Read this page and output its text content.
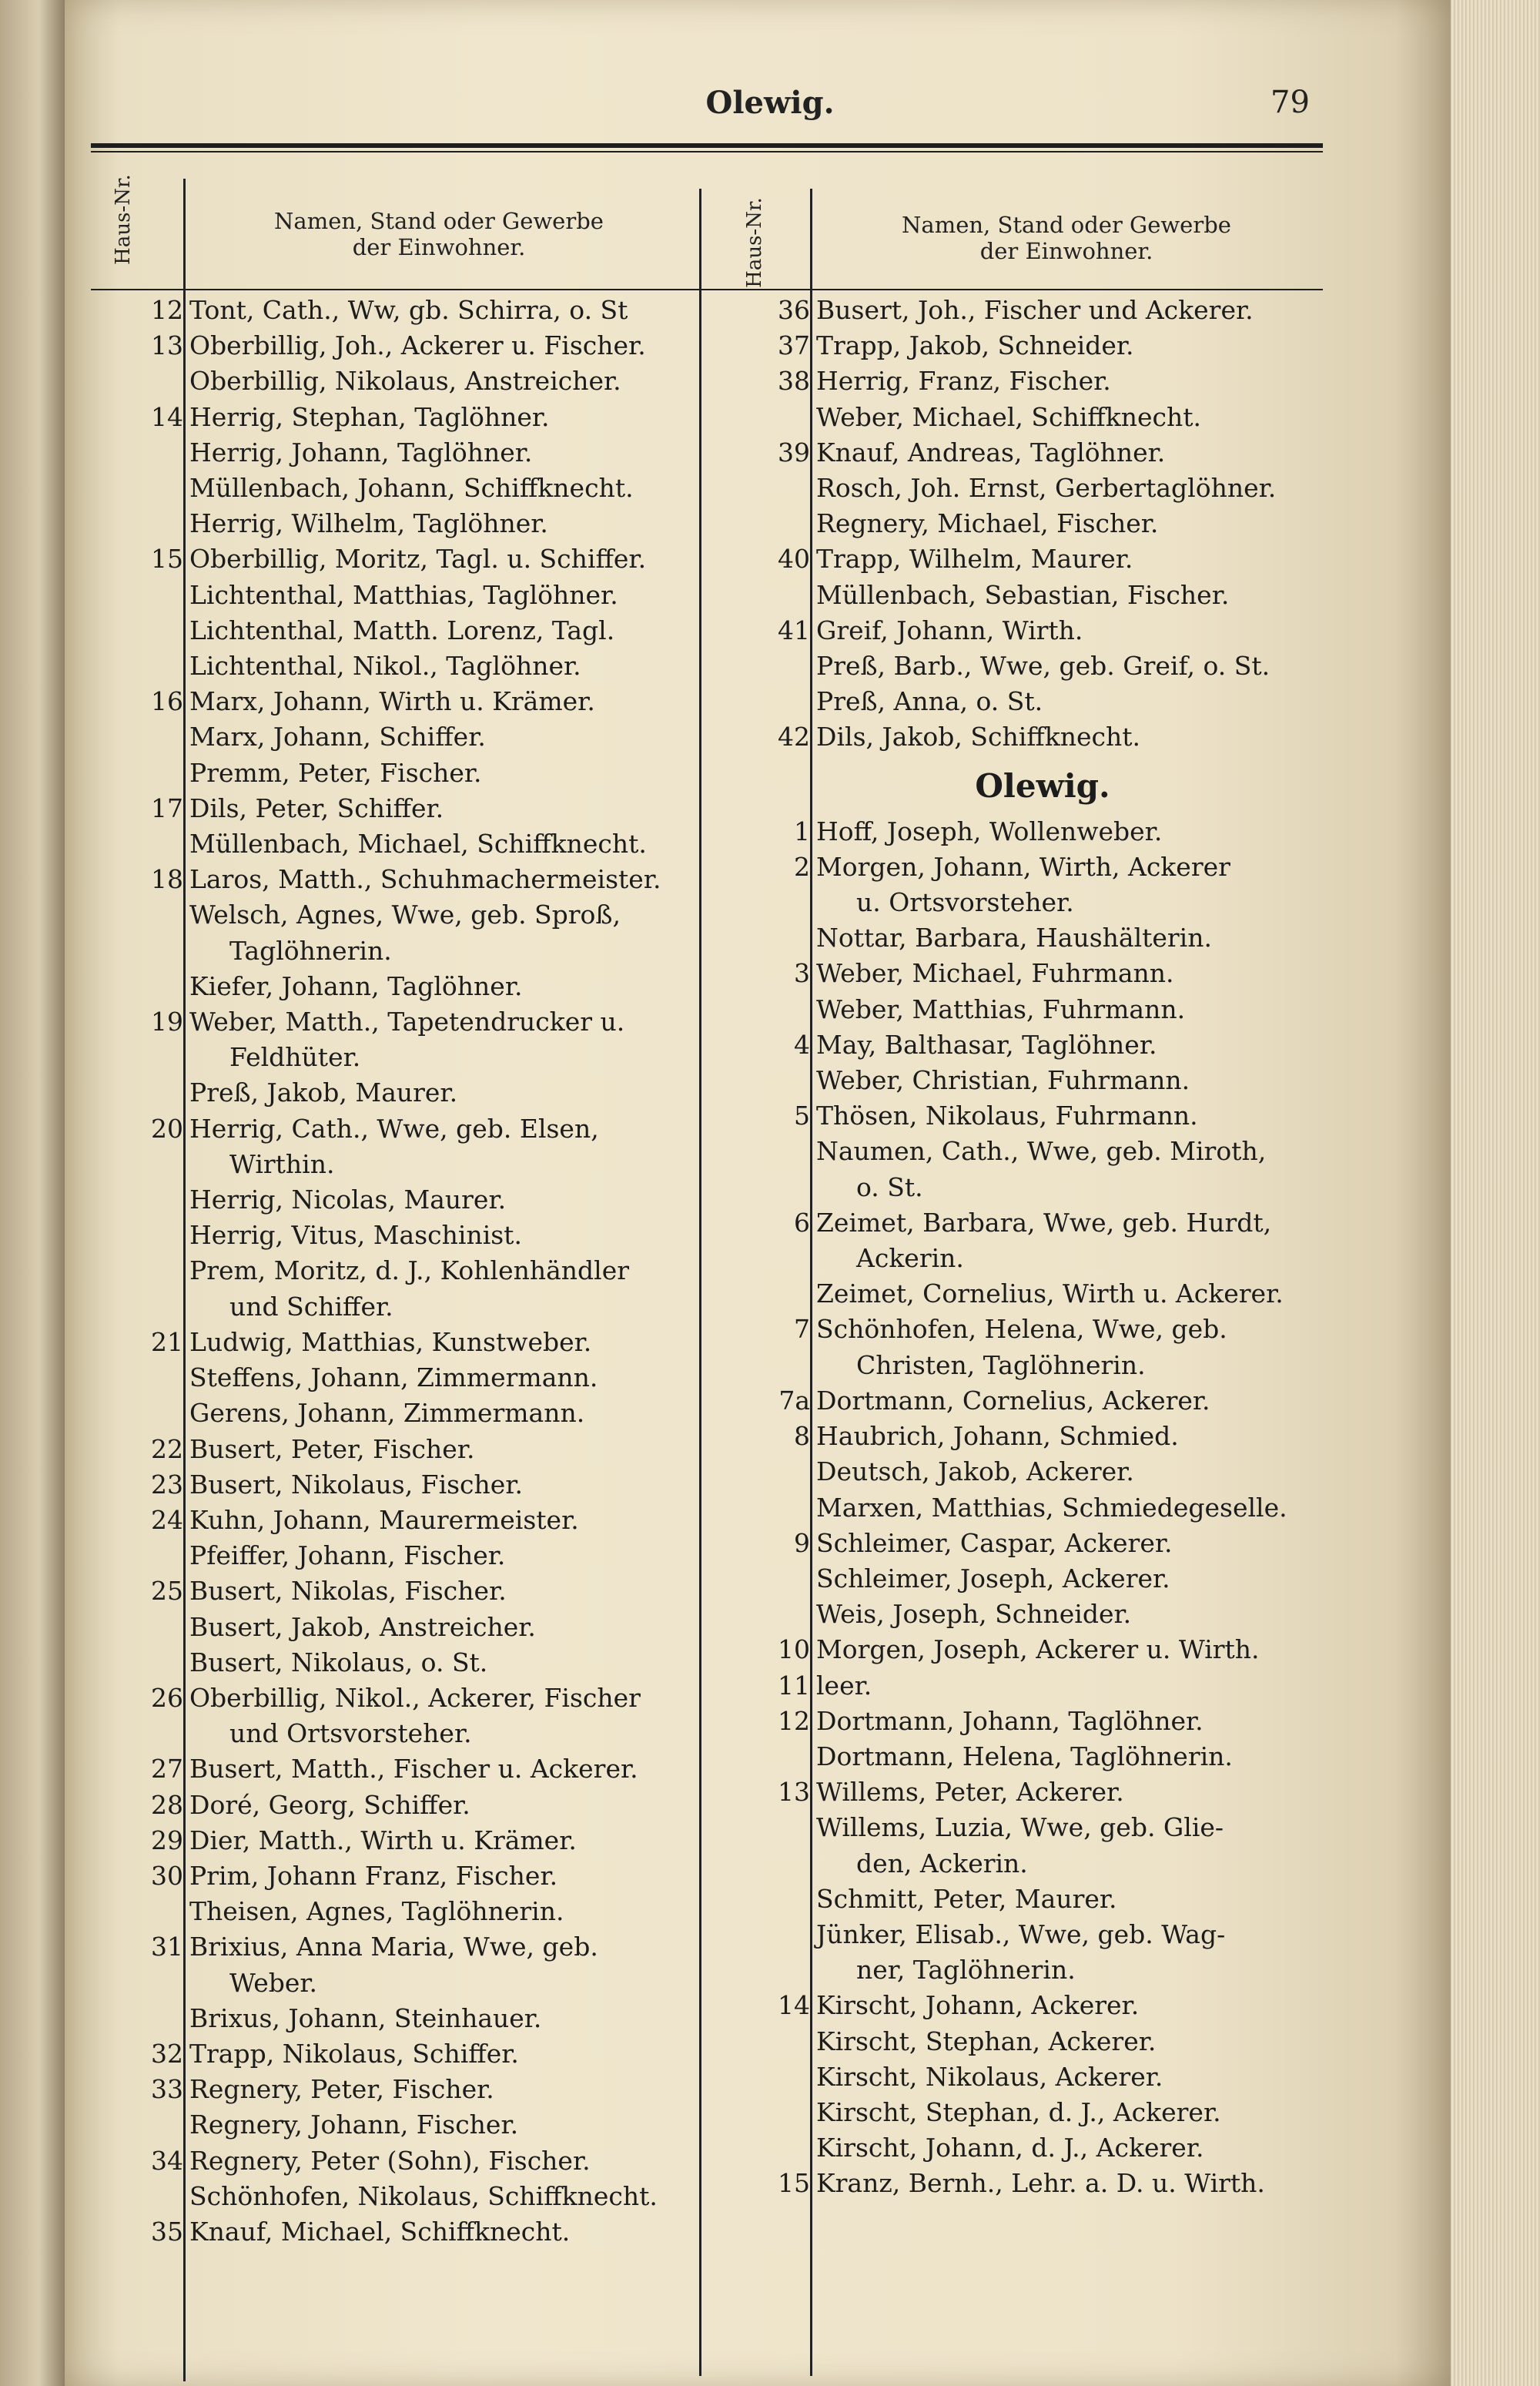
Olewig.	79
Haus-Nr.	Namen, Stand oder Gewerbe
der Einwohner.	Haus-Nr.	Namen, Stand oder Gewerbe
der Einwohner.
12 Tont, Cath., Ww, gb. Schirra, o. St
13 Oberbillig, Joh., Ackerer u. Fischer.
Oberbillig, Nikolaus, Anstreicher.
14 Herrig, Stephan, Taglöhner.
Herrig, Johann, Taglöhner.
Müllenbach, Johann, Schiffknecht.
Herrig, Wilhelm, Taglöhner.
15 Oberbillig, Moritz, Tagl. u. Schiffer.
Lichtenthal, Matthias, Taglöhner.
Lichtenthal, Matth. Lorenz, Tagl.
Lichtenthal, Nikol., Taglöhner.
16 Marx, Johann, Wirth u. Krämer.
Marx, Johann, Schiffer.
Premm, Peter, Fischer.
17 Dils, Peter, Schiffer.
Müllenbach, Michael, Schiffknecht.
18 Laros, Matth., Schuhmachermeister.
Welsch, Agnes, Wwe, geb. Sproß,
Taglöhnerin.
Kiefer, Johann, Taglöhner.
19 Weber, Matth., Tapetendrucker u.
Feldhüter.
Preß, Jakob, Maurer.
20 Herrig, Cath., Wwe, geb. Elsen,
Wirthin.
Herrig, Nicolas, Maurer.
Herrig, Vitus, Maschinist.
Prem, Moritz, d. J., Kohlenhändler
und Schiffer.
21 Ludwig, Matthias, Kunstweber.
Steffens, Johann, Zimmermann.
Gerens, Johann, Zimmermann.
22 Busert, Peter, Fischer.
23 Busert, Nikolaus, Fischer.
24 Kuhn, Johann, Maurermeister.
Pfeiffer, Johann, Fischer.
25 Busert, Nikolas, Fischer.
Busert, Jakob, Anstreicher.
Busert, Nikolaus, o. St.
26 Oberbillig, Nikol., Ackerer, Fischer
und Ortsvorsteher.
27 Busert, Matth., Fischer u. Ackerer.
28 Doré, Georg, Schiffer.
29 Dier, Matth., Wirth u. Krämer.
30 Prim, Johann Franz, Fischer.
Theisen, Agnes, Taglöhnerin.
31 Brixius, Anna Maria, Wwe, geb.
Weber.
Brixus, Johann, Steinhauer.
32 Trapp, Nikolaus, Schiffer.
33 Regnery, Peter, Fischer.
Regnery, Johann, Fischer.
34 Regnery, Peter (Sohn), Fischer.
Schönhofen, Nikolaus, Schiffknecht.
35 Knauf, Michael, Schiffknecht.
36 Busert, Joh., Fischer und Ackerer.
37 Trapp, Jakob, Schneider.
38 Herrig, Franz, Fischer.
Weber, Michael, Schiffknecht.
39 Knauf, Andreas, Taglöhner.
Rosch, Joh. Ernst, Gerbertaglöhner.
Regnery, Michael, Fischer.
40 Trapp, Wilhelm, Maurer.
Müllenbach, Sebastian, Fischer.
41 Greif, Johann, Wirth.
Preß, Barb., Wwe, geb. Greif, o. St.
Preß, Anna, o. St.
42 Dils, Jakob, Schiffknecht.
Olewig.
1 Hoff, Joseph, Wollenweber.
2 Morgen, Johann, Wirth, Ackerer
u. Ortsvorsteher.
Nottar, Barbara, Haushälterin.
3 Weber, Michael, Fuhrmann.
Weber, Matthias, Fuhrmann.
4 May, Balthasar, Taglöhner.
Weber, Christian, Fuhrmann.
5 Thösen, Nikolaus, Fuhrmann.
Naumen, Cath., Wwe, geb. Miroth,
o. St.
6 Zeimet, Barbara, Wwe, geb. Hurdt,
Ackerin.
Zeimet, Cornelius, Wirth u. Ackerer.
7 Schönhofen, Helena, Wwe, geb.
Christen, Taglöhnerin.
7a Dortmann, Cornelius, Ackerer.
8 Haubrich, Johann, Schmied.
Deutsch, Jakob, Ackerer.
Marxen, Matthias, Schmiedegeselle.
9 Schleimer, Caspar, Ackerer.
Schleimer, Joseph, Ackerer.
Weis, Joseph, Schneider.
10 Morgen, Joseph, Ackerer u. Wirth.
11 leer.
12 Dortmann, Johann, Taglöhner.
Dortmann, Helena, Taglöhnerin.
13 Willems, Peter, Ackerer.
Willems, Luzia, Wwe, geb. Glie-
den, Ackerin.
Schmitt, Peter, Maurer.
Jünker, Elisab., Wwe, geb. Wag-
ner, Taglöhnerin.
14 Kirscht, Johann, Ackerer.
Kirscht, Stephan, Ackerer.
Kirscht, Nikolaus, Ackerer.
Kirscht, Stephan, d. J., Ackerer.
Kirscht, Johann, d. J., Ackerer.
15 Kranz, Bernh., Lehr. a. D. u. Wirth.
